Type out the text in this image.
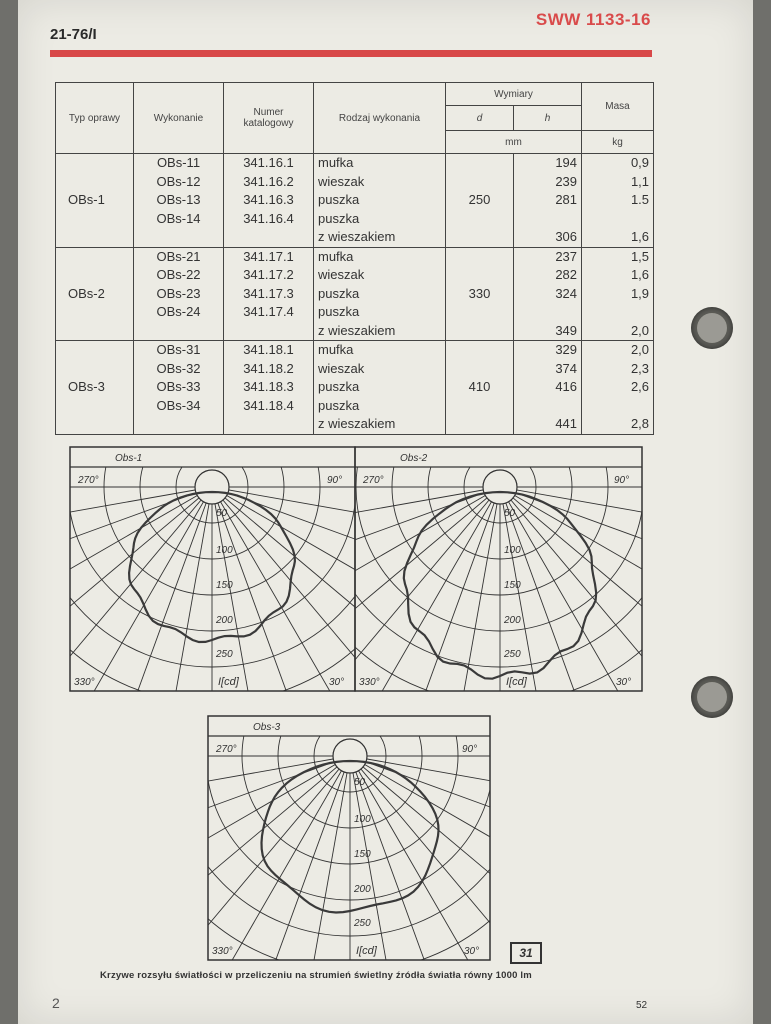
21-76/I
SWW 1133-16
Typ oprawy	Wykonanie	Numer katalogowy	Rodzaj wykonania	Wymiary		Masa
				d	h	
				mm		kg
OBs-1	OBs-11	341.16.1	mufka	250	194	0,9
	OBs-12	341.16.2	wieszak		239	1,1
	OBs-13	341.16.3	puszka		281	1.5
	OBs-14	341.16.4	puszka			
			z wieszakiem		306	1,6
OBs-2	OBs-21	341.17.1	mufka	330	237	1,5
	OBs-22	341.17.2	wieszak		282	1,6
	OBs-23	341.17.3	puszka		324	1,9
	OBs-24	341.17.4	puszka			
			z wieszakiem		349	2,0
OBs-3	OBs-31	341.18.1	mufka	410	329	2,0
	OBs-32	341.18.2	wieszak		374	2,3
	OBs-33	341.18.3	puszka		416	2,6
	OBs-34	341.18.4	puszka			
			z wieszakiem		441	2,8
Obs-1
270°	90°
330°	30°
I[cd]
50
100
150
200
250
Obs-2
270°	90°
330°	30°
I[cd]
50
100
150
200
250
Obs-3
270°	90°
330°	30°
I[cd]
50
100
150
200
250
31
Krzywe rozsyłu światłości w przeliczeniu na strumień świetlny źródła światła równy 1000 lm
2	52
